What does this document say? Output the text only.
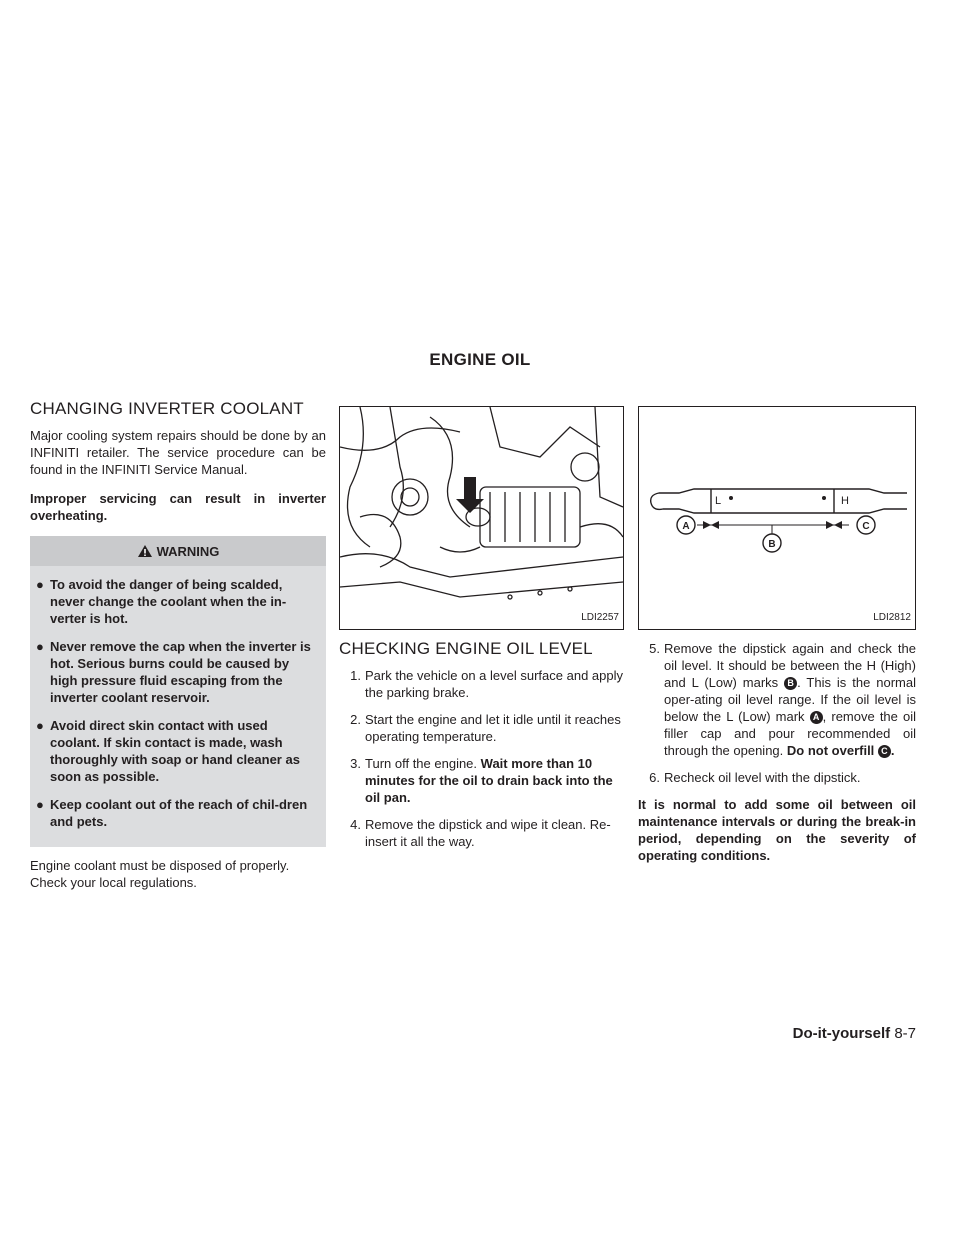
ENGINE OIL
CHANGING INVERTER COOLANT

Major cooling system repairs should be done by an INFINITI retailer. The service procedure can be found in the INFINITI Service Manual.

Improper servicing can result in inverter overheating.

WARNING
● To avoid the danger of being scalded, never change the coolant when the in-verter is hot.
● Never remove the cap when the inverter is hot. Serious burns could be caused by high pressure fluid escaping from the inverter coolant reservoir.
● Avoid direct skin contact with used coolant. If skin contact is made, wash thoroughly with soap or hand cleaner as soon as possible.
● Keep coolant out of the reach of chil-dren and pets.

Engine coolant must be disposed of properly. Check your local regulations.

LDI2257
CHECKING ENGINE OIL LEVEL
1. Park the vehicle on a level surface and apply the parking brake.
2. Start the engine and let it idle until it reaches operating temperature.
3. Turn off the engine. Wait more than 10 minutes for the oil to drain back into the oil pan.
4. Remove the dipstick and wipe it clean. Re-insert it all the way.
L	H
A
B
C
LDI2812
5. Remove the dipstick again and check the oil level. It should be between the H (High) and L (Low) marks B . This is the normal oper-ating oil level range. If the oil level is below the L (Low) mark A , remove the oil filler cap and pour recommended oil through the opening. Do not overfill C .
6. Recheck oil level with the dipstick.

It is normal to add some oil between oil maintenance intervals or during the break-in period, depending on the severity of operating conditions.

Do-it-yourself 8-7
